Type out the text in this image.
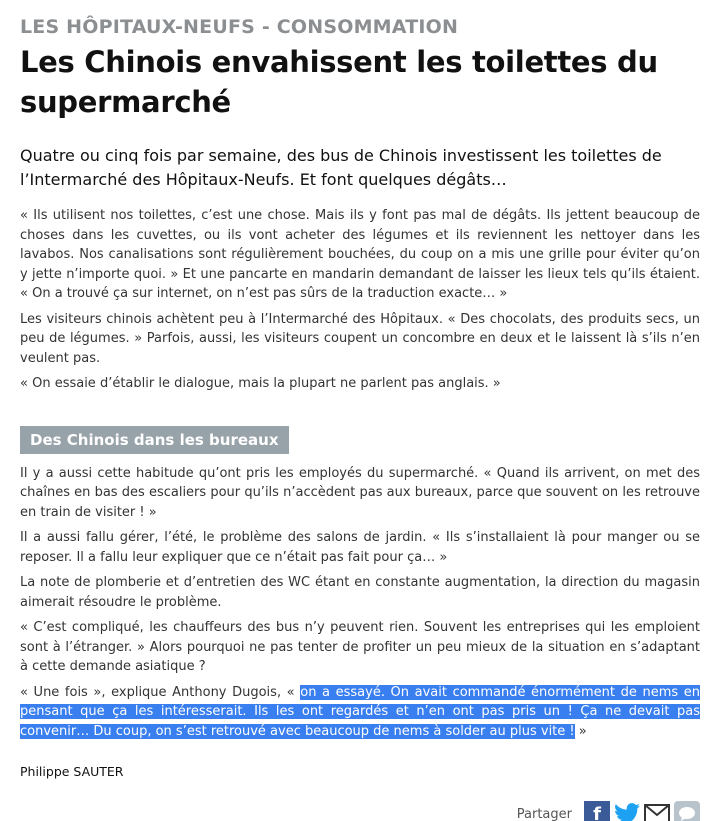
LES HÔPITAUX-NEUFS - CONSOMMATION
Les Chinois envahissent les toilettes du
supermarché

Quatre ou cinq fois par semaine, des bus de Chinois investissent les toilettes de l’Intermarché des Hôpitaux-Neufs. Et font quelques dégâts…

« Ils utilisent nos toilettes, c’est une chose. Mais ils y font pas mal de dégâts. Ils jettent beaucoup de choses dans les cuvettes, ou ils vont acheter des légumes et ils reviennent les nettoyer dans les lavabos. Nos canalisations sont régulièrement bouchées, du coup on a mis une grille pour éviter qu’on y jette n’importe quoi. » Et une pancarte en mandarin demandant de laisser les lieux tels qu’ils étaient. « On a trouvé ça sur internet, on n’est pas sûrs de la traduction exacte… »

Les visiteurs chinois achètent peu à l’Intermarché des Hôpitaux. « Des chocolats, des produits secs, un peu de légumes. » Parfois, aussi, les visiteurs coupent un concombre en deux et le laissent là s’ils n’en veulent pas.

« On essaie d’établir le dialogue, mais la plupart ne parlent pas anglais. »

Des Chinois dans les bureaux

Il y a aussi cette habitude qu’ont pris les employés du supermarché. « Quand ils arrivent, on met des chaînes en bas des escaliers pour qu’ils n’accèdent pas aux bureaux, parce que souvent on les retrouve en train de visiter ! »

Il a aussi fallu gérer, l’été, le problème des salons de jardin. « Ils s’installaient là pour manger ou se reposer. Il a fallu leur expliquer que ce n’était pas fait pour ça… »

La note de plomberie et d’entretien des WC étant en constante augmentation, la direction du magasin aimerait résoudre le problème.

« C’est compliqué, les chauffeurs des bus n’y peuvent rien. Souvent les entreprises qui les emploient sont à l’étranger. » Alors pourquoi ne pas tenter de profiter un peu mieux de la situation en s’adaptant à cette demande asiatique ?

« Une fois », explique Anthony Dugois, « on a essayé. On avait commandé énormément de nems en pensant que ça les intéresserait. Ils les ont regardés et n’en ont pas pris un ! Ça ne devait pas convenir… Du coup, on s’est retrouvé avec beaucoup de nems à solder au plus vite ! »

Philippe SAUTER
Partager	f
